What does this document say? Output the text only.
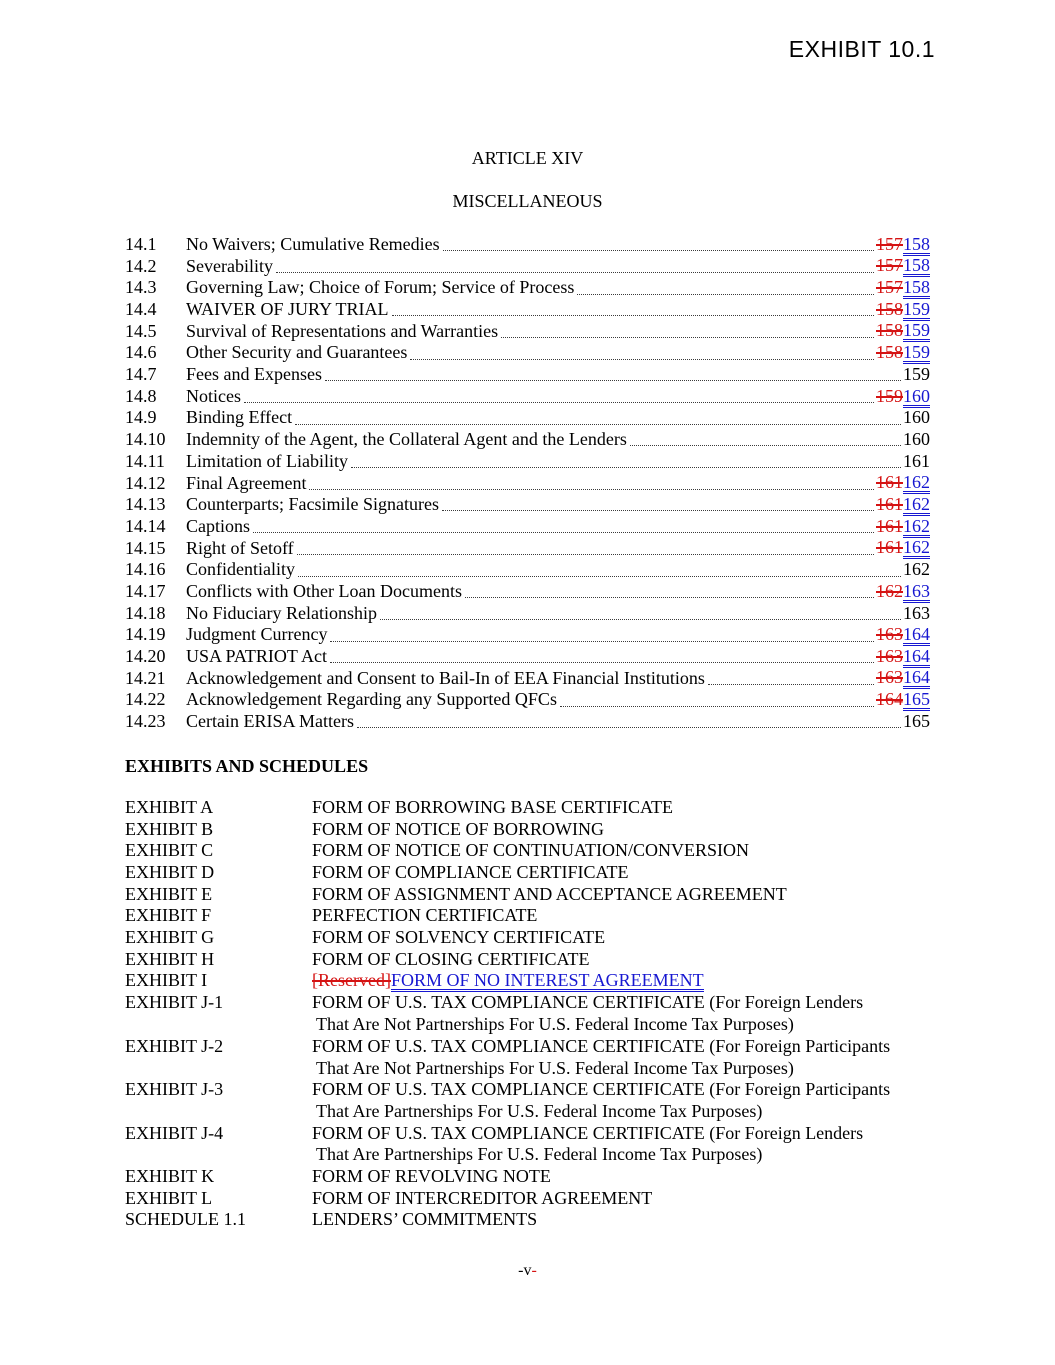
EXHIBIT 10.1
ARTICLE XIV
MISCELLANEOUS
14.1	No Waivers; Cumulative Remedies	157158
14.2	Severability	157158
14.3	Governing Law; Choice of Forum; Service of Process	157158
14.4	WAIVER OF JURY TRIAL	158159
14.5	Survival of Representations and Warranties	158159
14.6	Other Security and Guarantees	158159
14.7	Fees and Expenses	159
14.8	Notices	159160
14.9	Binding Effect	160
14.10	Indemnity of the Agent, the Collateral Agent and the Lenders	160
14.11	Limitation of Liability	161
14.12	Final Agreement	161162
14.13	Counterparts; Facsimile Signatures	161162
14.14	Captions	161162
14.15	Right of Setoff	161162
14.16	Confidentiality	162
14.17	Conflicts with Other Loan Documents	162163
14.18	No Fiduciary Relationship	163
14.19	Judgment Currency	163164
14.20	USA PATRIOT Act	163164
14.21	Acknowledgement and Consent to Bail-In of EEA Financial Institutions	163164
14.22	Acknowledgement Regarding any Supported QFCs	164165
14.23	Certain ERISA Matters	165
EXHIBITS AND SCHEDULES
EXHIBIT A	FORM OF BORROWING BASE CERTIFICATE
EXHIBIT B	FORM OF NOTICE OF BORROWING
EXHIBIT C	FORM OF NOTICE OF CONTINUATION/CONVERSION
EXHIBIT D	FORM OF COMPLIANCE CERTIFICATE
EXHIBIT E	FORM OF ASSIGNMENT AND ACCEPTANCE AGREEMENT
EXHIBIT F	PERFECTION CERTIFICATE
EXHIBIT G	FORM OF SOLVENCY CERTIFICATE
EXHIBIT H	FORM OF CLOSING CERTIFICATE
EXHIBIT I	[Reserved]FORM OF NO INTEREST AGREEMENT
EXHIBIT J-1	FORM OF U.S. TAX COMPLIANCE CERTIFICATE (For Foreign Lenders
That Are Not Partnerships For U.S. Federal Income Tax Purposes)
EXHIBIT J-2	FORM OF U.S. TAX COMPLIANCE CERTIFICATE (For Foreign Participants
That Are Not Partnerships For U.S. Federal Income Tax Purposes)
EXHIBIT J-3	FORM OF U.S. TAX COMPLIANCE CERTIFICATE (For Foreign Participants
That Are Partnerships For U.S. Federal Income Tax Purposes)
EXHIBIT J-4	FORM OF U.S. TAX COMPLIANCE CERTIFICATE (For Foreign Lenders
That Are Partnerships For U.S. Federal Income Tax Purposes)
EXHIBIT K	FORM OF REVOLVING NOTE
EXHIBIT L	FORM OF INTERCREDITOR AGREEMENT
SCHEDULE 1.1	LENDERS’ COMMITMENTS
-v-
